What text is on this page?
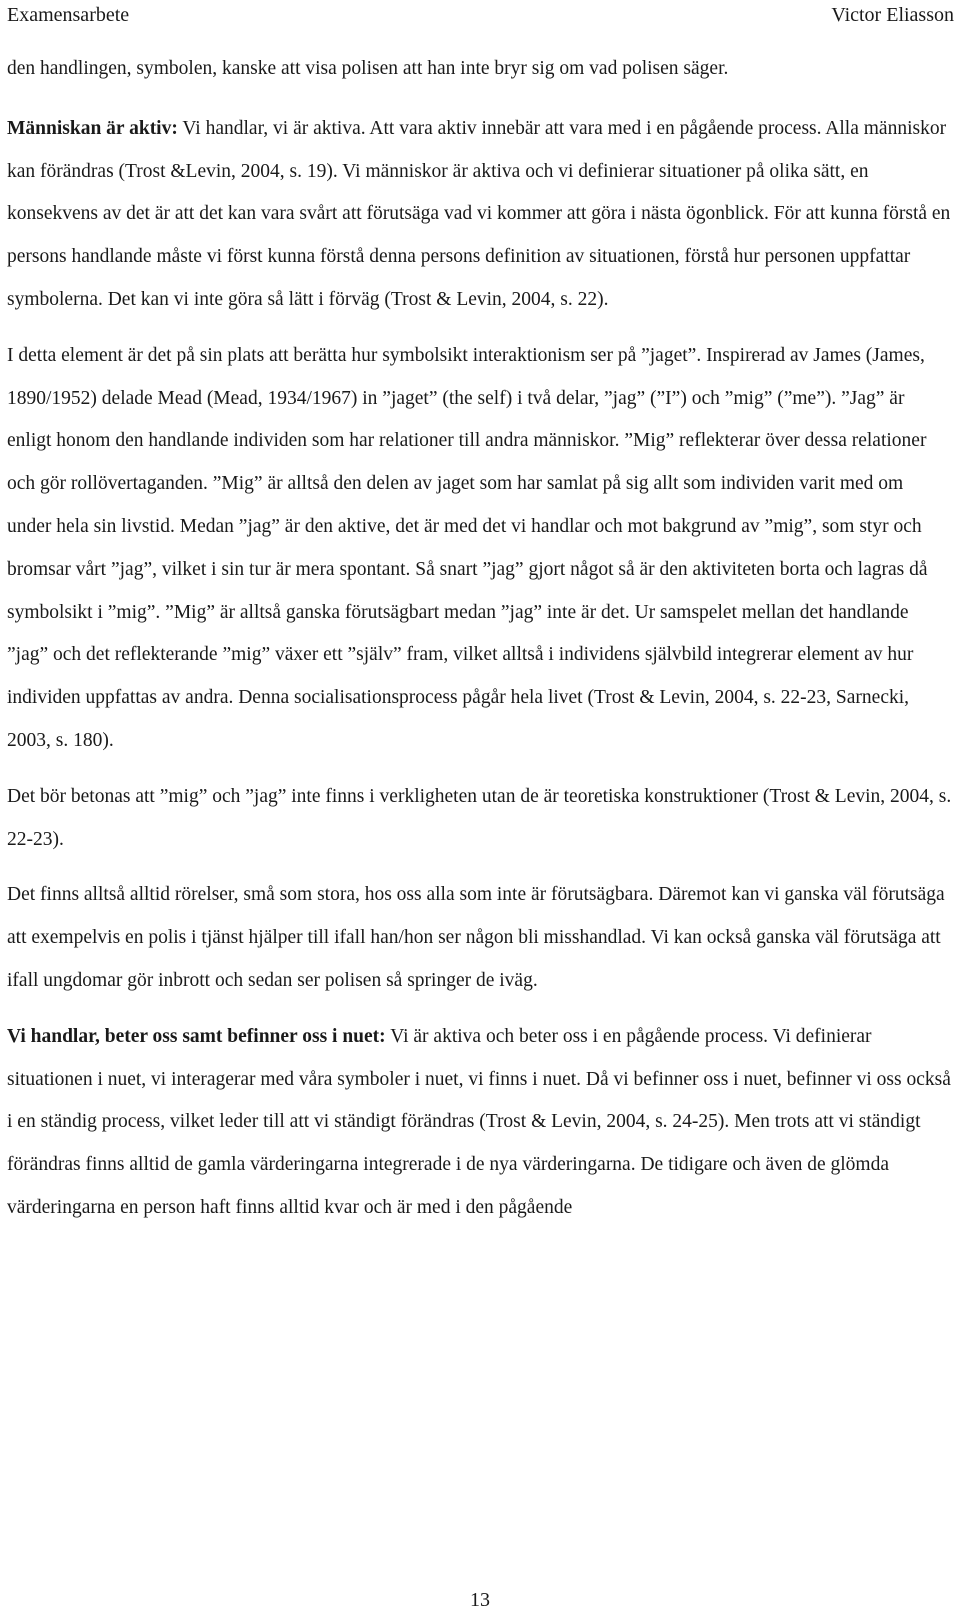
Examensarbete	Victor Eliasson

den handlingen, symbolen, kanske att visa polisen att han inte bryr sig om vad polisen säger.

Människan är aktiv: Vi handlar, vi är aktiva. Att vara aktiv innebär att vara med i en pågående process. Alla människor kan förändras (Trost &Levin, 2004, s. 19). Vi människor är aktiva och vi definierar situationer på olika sätt, en konsekvens av det är att det kan vara svårt att förutsäga vad vi kommer att göra i nästa ögonblick. För att kunna förstå en persons handlande måste vi först kunna förstå denna persons definition av situationen, förstå hur personen uppfattar symbolerna. Det kan vi inte göra så lätt i förväg (Trost & Levin, 2004, s. 22).

I detta element är det på sin plats att berätta hur symbolsikt interaktionism ser på ”jaget”. Inspirerad av James (James, 1890/1952) delade Mead (Mead, 1934/1967) in ”jaget” (the self) i två delar, ”jag” (”I”) och ”mig” (”me”). ”Jag” är enligt honom den handlande individen som har relationer till andra människor. ”Mig” reflekterar över dessa relationer och gör rollövertaganden. ”Mig” är alltså den delen av jaget som har samlat på sig allt som individen varit med om under hela sin livstid. Medan ”jag” är den aktive, det är med det vi handlar och mot bakgrund av ”mig”, som styr och bromsar vårt ”jag”, vilket i sin tur är mera spontant. Så snart ”jag” gjort något så är den aktiviteten borta och lagras då symbolsikt i ”mig”. ”Mig” är alltså ganska förutsägbart medan ”jag” inte är det. Ur samspelet mellan det handlande ”jag” och det reflekterande ”mig” växer ett ”själv” fram, vilket alltså i individens självbild integrerar element av hur individen uppfattas av andra. Denna socialisationsprocess pågår hela livet (Trost & Levin, 2004, s. 22-23, Sarnecki, 2003, s. 180).

Det bör betonas att ”mig” och ”jag” inte finns i verkligheten utan de är teoretiska konstruktioner (Trost & Levin, 2004, s. 22-23).

Det finns alltså alltid rörelser, små som stora, hos oss alla som inte är förutsägbara. Däremot kan vi ganska väl förutsäga att exempelvis en polis i tjänst hjälper till ifall han/hon ser någon bli misshandlad. Vi kan också ganska väl förutsäga att ifall ungdomar gör inbrott och sedan ser polisen så springer de iväg.

Vi handlar, beter oss samt befinner oss i nuet: Vi är aktiva och beter oss i en pågående process. Vi definierar situationen i nuet, vi interagerar med våra symboler i nuet, vi finns i nuet. Då vi befinner oss i nuet, befinner vi oss också i en ständig process, vilket leder till att vi ständigt förändras (Trost & Levin, 2004, s. 24-25). Men trots att vi ständigt förändras finns alltid de gamla värderingarna integrerade i de nya värderingarna. De tidigare och även de glömda värderingarna en person haft finns alltid kvar och är med i den pågående

13
